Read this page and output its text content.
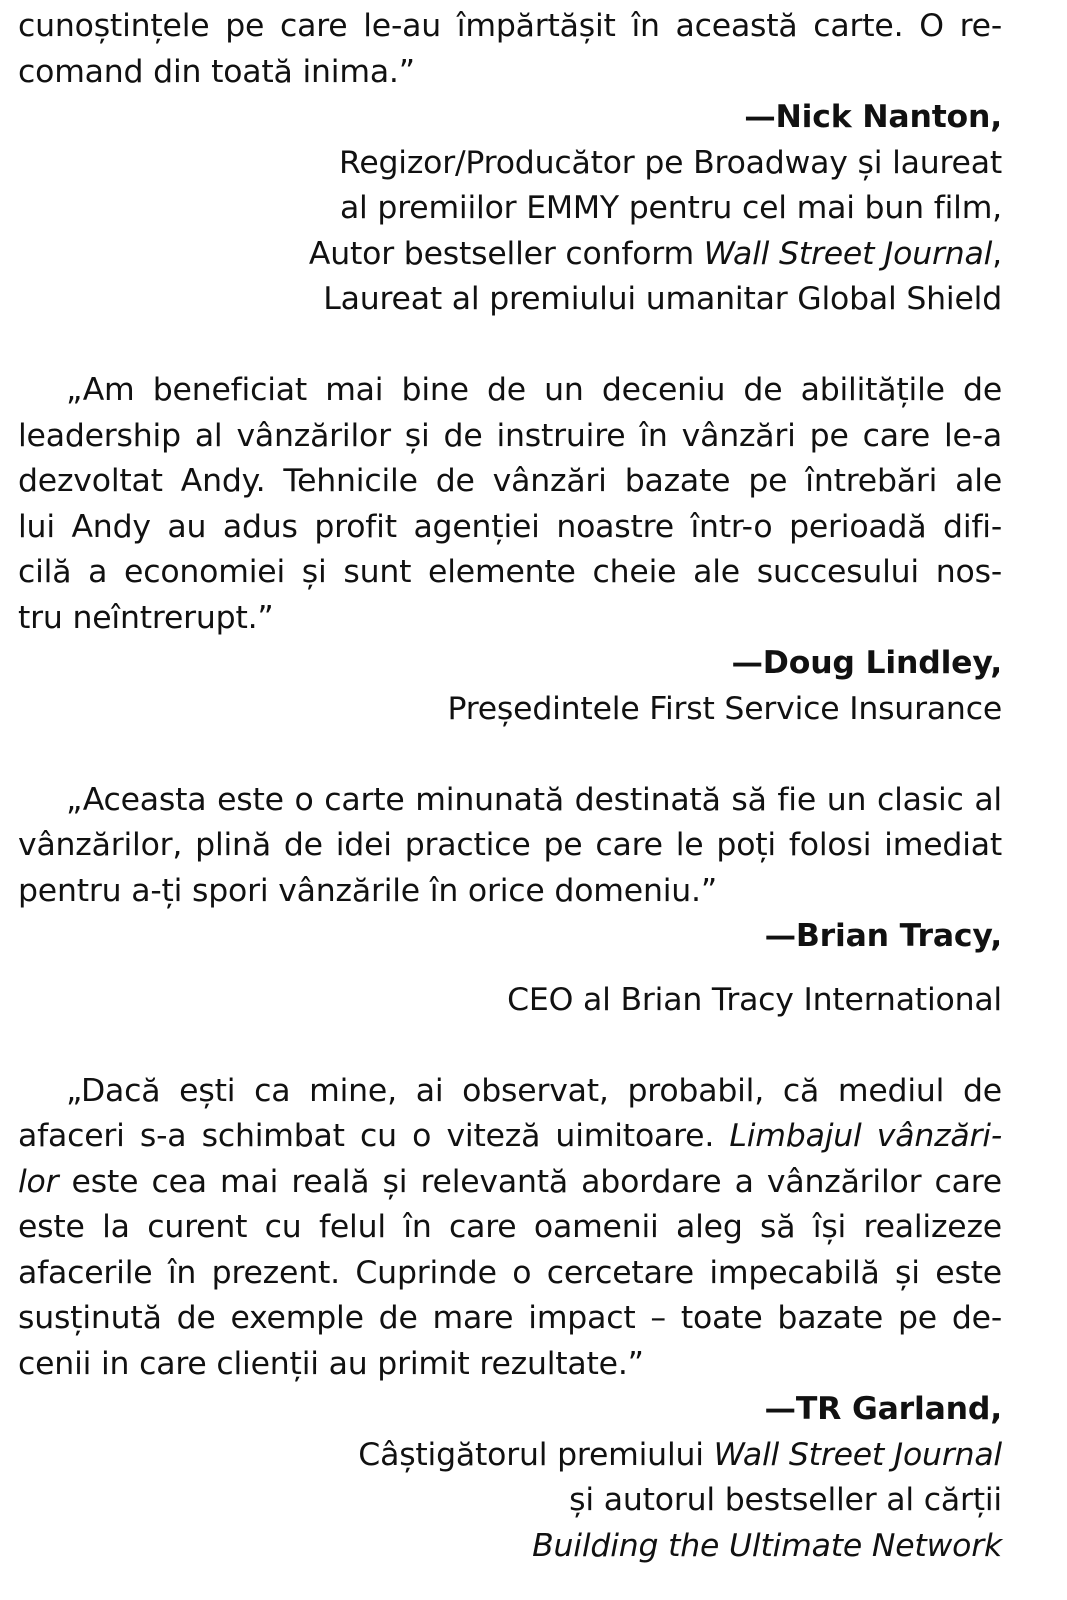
cunoștințele pe care le-au împărtășit în această carte. O re-
comand din toată inima.”
—Nick Nanton,
Regizor/Producător pe Broadway și laureat
al premiilor EMMY pentru cel mai bun film,
Autor bestseller conform Wall Street Journal,
Laureat al premiului umanitar Global Shield
„Am beneficiat mai bine de un deceniu de abilitățile de
leadership al vânzărilor și de instruire în vânzări pe care le-a
dezvoltat Andy. Tehnicile de vânzări bazate pe întrebări ale
lui Andy au adus profit agenției noastre într-o perioadă difi-
cilă a economiei și sunt elemente cheie ale succesului nos-
tru neîntrerupt.”
—Doug Lindley,
Președintele First Service Insurance
„Aceasta este o carte minunată destinată să fie un clasic al
vânzărilor, plină de idei practice pe care le poți folosi imediat
pentru a-ți spori vânzările în orice domeniu.”
—Brian Tracy,
CEO al Brian Tracy International
„Dacă ești ca mine, ai observat, probabil, că mediul de
afaceri s-a schimbat cu o viteză uimitoare. Limbajul vânzări-
lor este cea mai reală și relevantă abordare a vânzărilor care
este la curent cu felul în care oamenii aleg să își realizeze
afacerile în prezent. Cuprinde o cercetare impecabilă și este
susținută de exemple de mare impact – toate bazate pe de-
cenii in care clienții au primit rezultate.”
—TR Garland,
Câștigătorul premiului Wall Street Journal
și autorul bestseller al cărții
Building the Ultimate Network
